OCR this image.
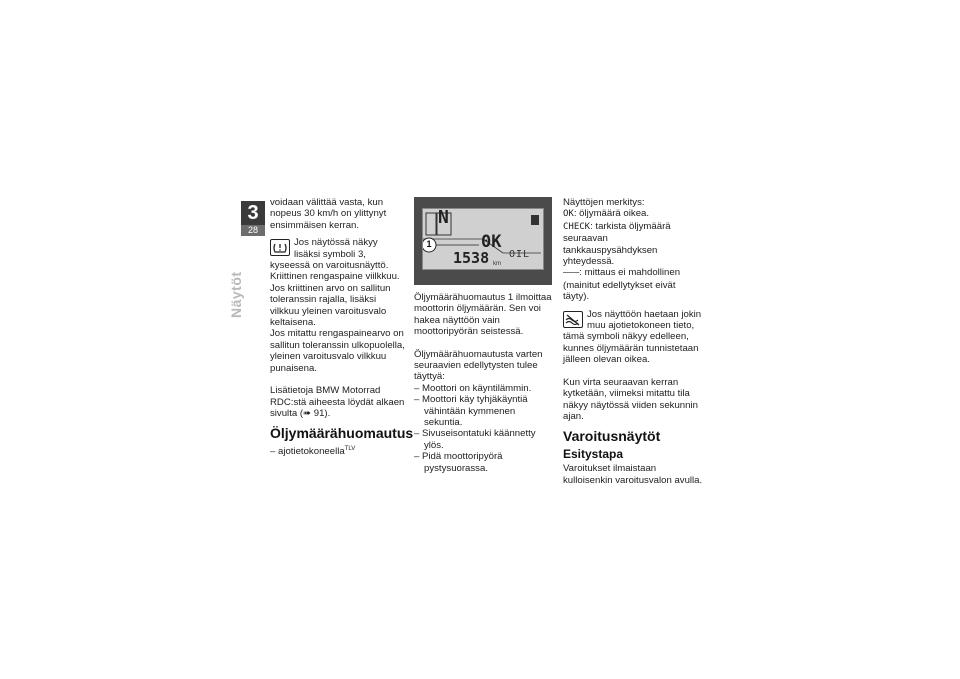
3
28
Näytöt

voidaan välittää vasta, kun nopeus 30 km/h on ylittynyt ensimmäisen kerran.

Jos näytössä näkyy lisäksi symboli 3, kyseessä on varoitusnäyttö. Kriittinen rengaspaine viilkkuu.

Jos kriittinen arvo on sallitun toleranssin rajalla, lisäksi vilkkuu yleinen varoitusvalo keltaisena.

Jos mitattu rengaspainearvo on sallitun toleranssin ulkopuolella, yleinen varoitusvalo vilkkuu punaisena.

Lisätietoja BMW Motorrad RDC:stä aiheesta löydät alkaen sivulta (➠ 91).

Öljymäärähuomautus

– ajotietokoneella$^{TLV}$

N
0K
OIL
1538 km
1

Öljymäärähuomautus 1 ilmoittaa moottorin öljymäärän. Sen voi hakea näyttöön vain moottoripyörän seistessä.

Öljymäärähuomautusta varten seuraavien edellytysten tulee täyttyä:

– Moottori on käyntilämmin.

– Moottori käy tyhjäkäyntiä vähintään kymmenen sekuntia.

– Sivuseisontatuki käännetty ylös.

– Pidä moottoripyörä pystysuorassa.

Näyttöjen merkitys:

OK: öljymäärä oikea.

CHECK: tarkista öljymäärä seuraavan tankkauspysähdyksen yhteydessä.

–––: mittaus ei mahdollinen (mainitut edellytykset eivät täyty).

Jos näyttöön haetaan jokin muu ajotietokoneen tieto, tämä symboli näkyy edelleen, kunnes öljymäärän tunnistetaan jälleen olevan oikea.

Kun virta seuraavan kerran kytketään, viimeksi mitattu tila näkyy näytössä viiden sekunnin ajan.

Varoitusnäytöt
Esitystapa

Varoitukset ilmaistaan kulloisenkin varoitusvalon avulla.
